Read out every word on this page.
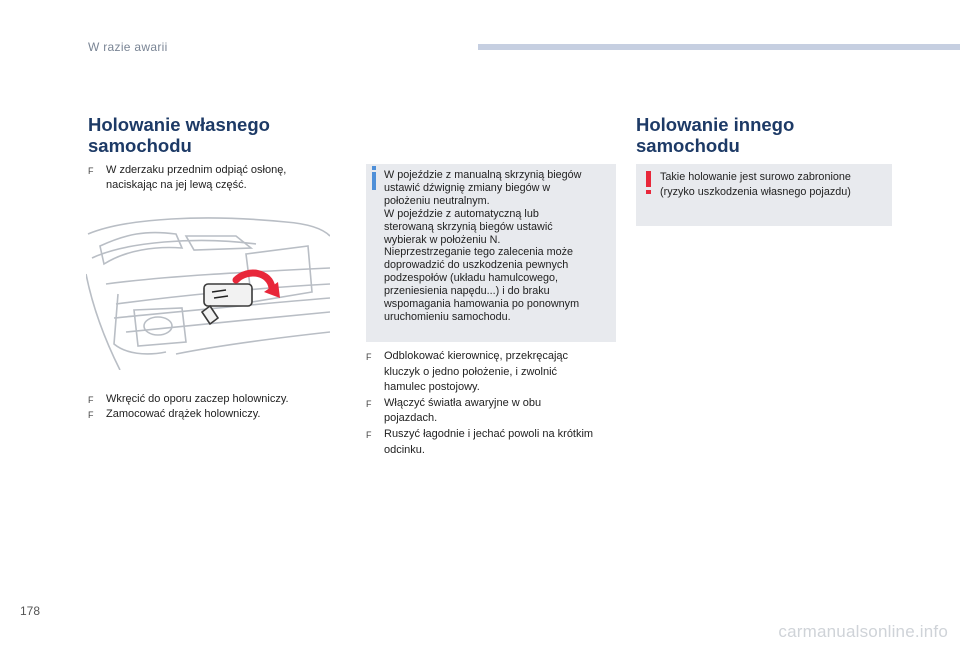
W razie awarii
Holowanie własnego
samochodu
F W zderzaku przednim odpiąć osłonę,
naciskając na jej lewą część.
F Wkręcić do oporu zaczep holowniczy.
F Zamocować drążek holowniczy.
W pojeździe z manualną skrzynią biegów
ustawić dźwignię zmiany biegów w
położeniu neutralnym.
W pojeździe z automatyczną lub
sterowaną skrzynią biegów ustawić
wybierak w położeniu N.
Nieprzestrzeganie tego zalecenia może
doprowadzić do uszkodzenia pewnych
podzespołów (układu hamulcowego,
przeniesienia napędu...) i do braku
wspomagania hamowania po ponownym
uruchomieniu samochodu.
F Odblokować kierownicę, przekręcając
kluczyk o jedno położenie, i zwolnić
hamulec postojowy.
F Włączyć światła awaryjne w obu
pojazdach.
F Ruszyć łagodnie i jechać powoli na krótkim
odcinku.
Holowanie innego
samochodu
Takie holowanie jest surowo zabronione
(ryzyko uszkodzenia własnego pojazdu)
178
carmanualsonline.info
